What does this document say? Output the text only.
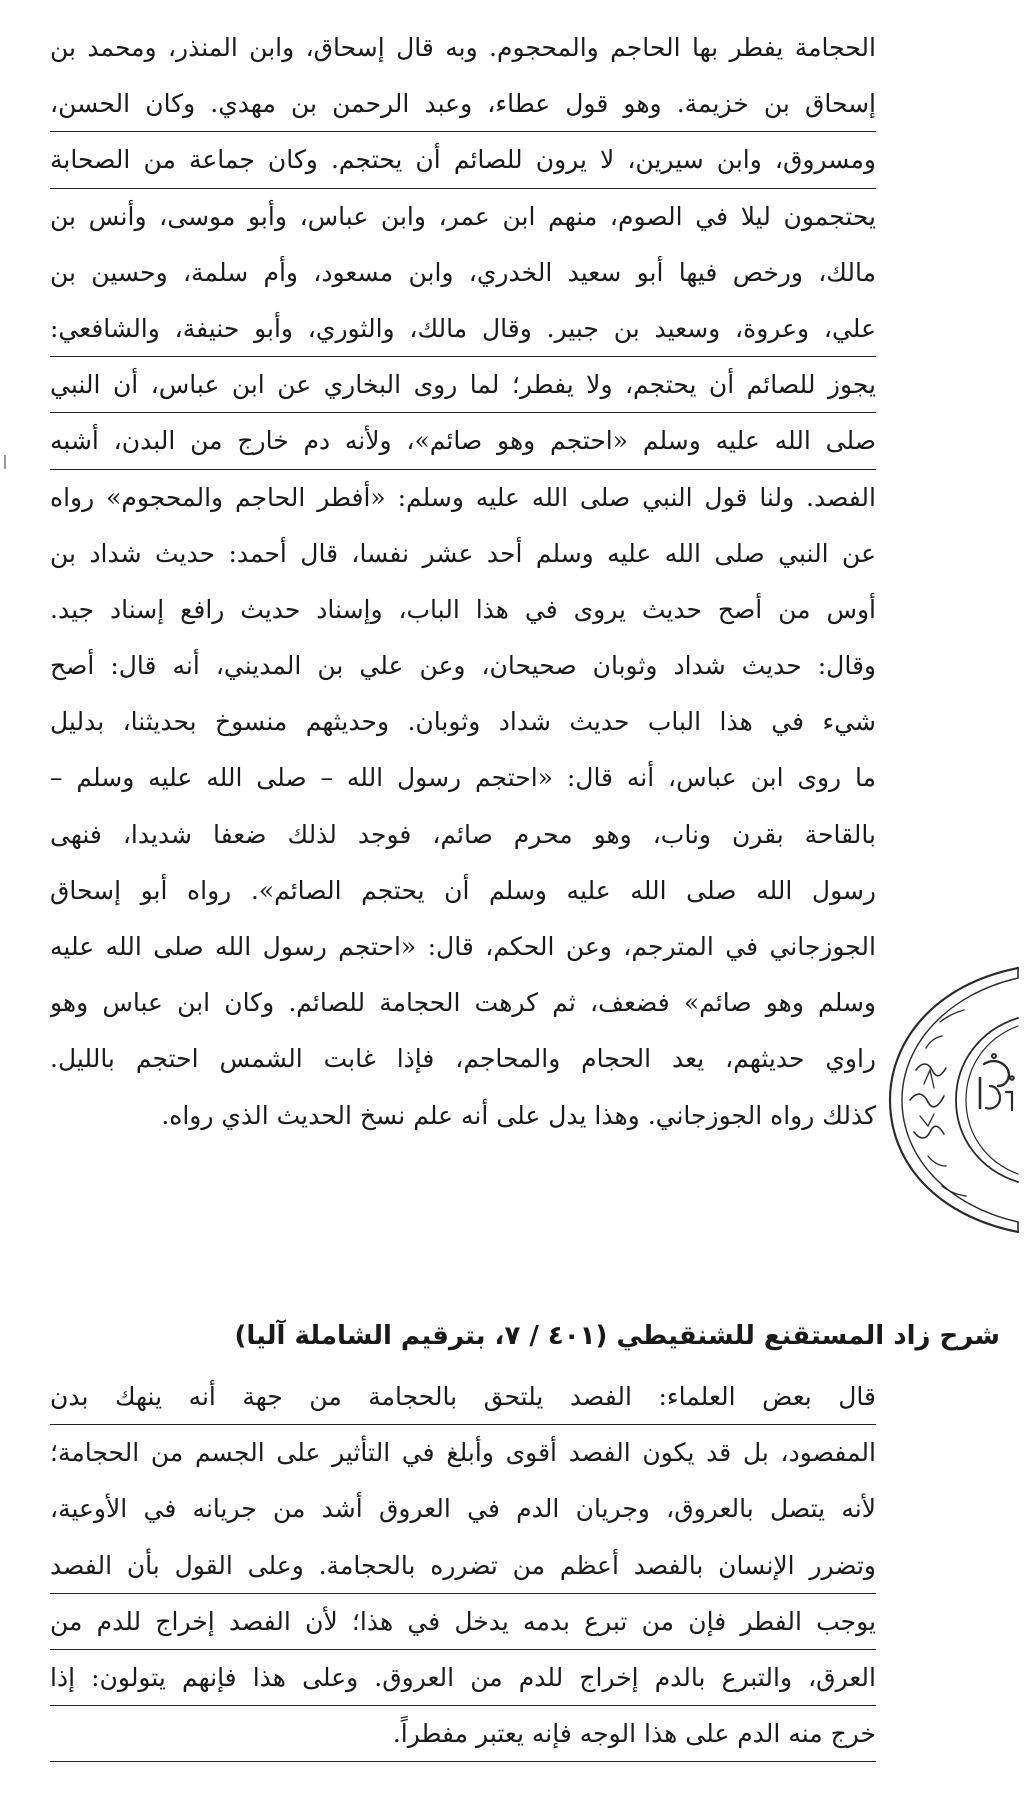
الحجامة يفطر بها الحاجم والمحجوم. وبه قال إسحاق، وابن المنذر، ومحمد بن
إسحاق بن خزيمة. وهو قول عطاء، وعبد الرحمن بن مهدي. وكان الحسن،
ومسروق، وابن سيرين، لا يرون للصائم أن يحتجم. وكان جماعة من الصحابة
يحتجمون ليلا في الصوم، منهم ابن عمر، وابن عباس، وأبو موسى، وأنس بن
مالك، ورخص فيها أبو سعيد الخدري، وابن مسعود، وأم سلمة، وحسين بن
علي، وعروة، وسعيد بن جبير. وقال مالك، والثوري، وأبو حنيفة، والشافعي:
يجوز للصائم أن يحتجم، ولا يفطر؛ لما روى البخاري عن ابن عباس، أن النبي
صلى الله عليه وسلم «احتجم وهو صائم»، ولأنه دم خارج من البدن، أشبه
الفصد. ولنا قول النبي صلى الله عليه وسلم: «أفطر الحاجم والمحجوم» رواه
عن النبي صلى الله عليه وسلم أحد عشر نفسا، قال أحمد: حديث شداد بن
أوس من أصح حديث يروى في هذا الباب، وإسناد حديث رافع إسناد جيد.
وقال: حديث شداد وثوبان صحيحان، وعن علي بن المديني، أنه قال: أصح
شيء في هذا الباب حديث شداد وثوبان. وحديثهم منسوخ بحديثنا، بدليل
ما روى ابن عباس، أنه قال: «احتجم رسول الله – صلى الله عليه وسلم –
بالقاحة بقرن وناب، وهو محرم صائم، فوجد لذلك ضعفا شديدا، فنهى
رسول الله صلى الله عليه وسلم أن يحتجم الصائم». رواه أبو إسحاق
الجوزجاني في المترجم، وعن الحكم، قال: «احتجم رسول الله صلى الله عليه
وسلم وهو صائم» فضعف، ثم كرهت الحجامة للصائم. وكان ابن عباس وهو
راوي حديثهم، يعد الحجام والمحاجم، فإذا غابت الشمس احتجم بالليل.
كذلك رواه الجوزجاني. وهذا يدل على أنه علم نسخ الحديث الذي رواه.
شرح زاد المستقنع للشنقيطي (٤٠١ / ٧، بترقيم الشاملة آليا)
قال بعض العلماء: الفصد يلتحق بالحجامة من جهة أنه ينهك بدن
المفصود، بل قد يكون الفصد أقوى وأبلغ في التأثير على الجسم من الحجامة؛
لأنه يتصل بالعروق، وجريان الدم في العروق أشد من جريانه في الأوعية،
وتضرر الإنسان بالفصد أعظم من تضرره بالحجامة. وعلى القول بأن الفصد
يوجب الفطر فإن من تبرع بدمه يدخل في هذا؛ لأن الفصد إخراج للدم من
العرق، والتبرع بالدم إخراج للدم من العروق. وعلى هذا فإنهم يتولون: إذا
خرج منه الدم على هذا الوجه فإنه يعتبر مفطراً.
